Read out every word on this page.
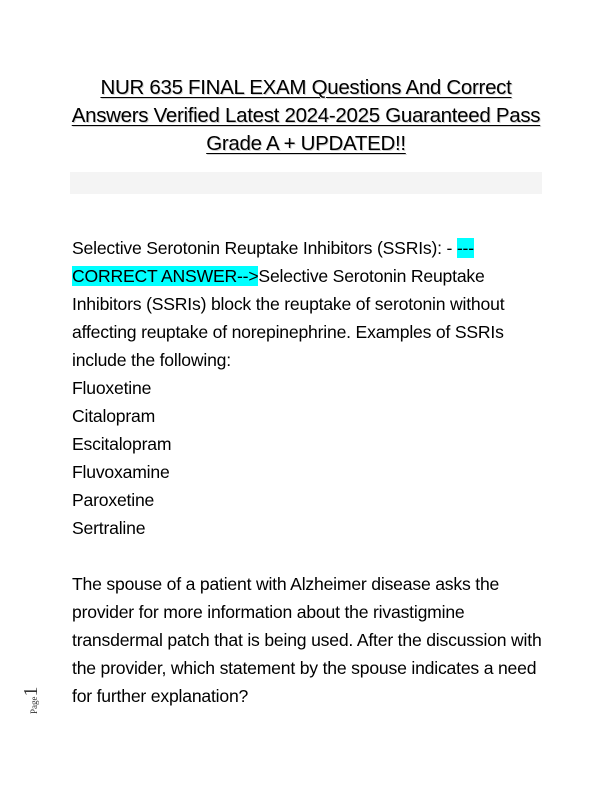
NUR 635 FINAL EXAM Questions And Correct
Answers Verified Latest 2024-2025 Guaranteed Pass
Grade A + UPDATED!!

Selective Serotonin Reuptake Inhibitors (SSRIs): - ---CORRECT ANSWER-->Selective Serotonin Reuptake Inhibitors (SSRIs) block the reuptake of serotonin without affecting reuptake of norepinephrine. Examples of SSRIs include the following:

Fluoxetine
Citalopram
Escitalopram
Fluvoxamine
Paroxetine
Sertraline

The spouse of a patient with Alzheimer disease asks the provider for more information about the rivastigmine transdermal patch that is being used. After the discussion with the provider, which statement by the spouse indicates a need for further explanation?

Page1
